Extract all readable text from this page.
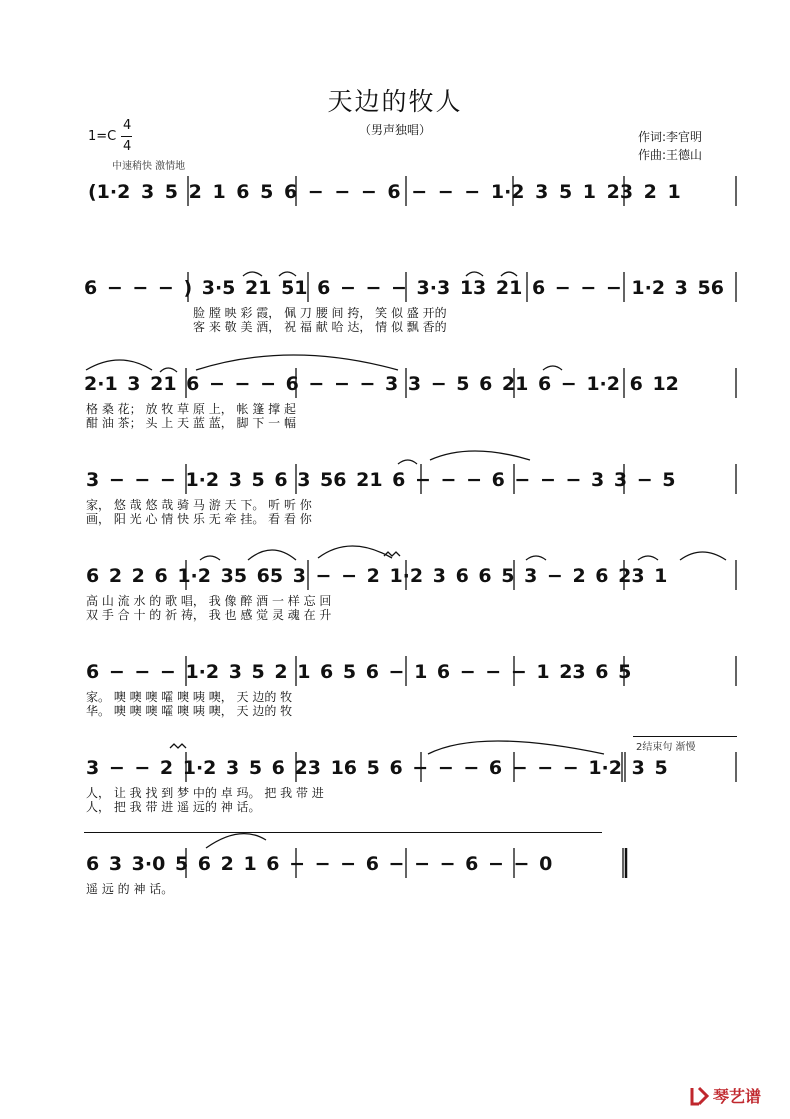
天边的牧人
（男声独唱）
1=C
4
4
中速稍快 激情地
作词:李官明
作曲:王德山
(1·2 3 5 2 1 6 5 6 − − − 6 − − − 1·2 3 5 1 23 2 1
6 − − − ) 3·5 21 51 6 − − − 3·3 13 21 6 − − − 1·2 3 56
脸 膛 映 彩 霞， 佩 刀 腰 间 挎， 笑 似 盛 开的
客 来 敬 美 酒， 祝 福 献 哈 达， 情 似 飘 香的
2·1 3 21 6 − − − 6 − − − 3 3 − 5 6 21 6 − 1·2 6 12
格 桑 花； 放 牧 草 原 上， 帐 篷 撑 起
酣 油 茶； 头 上 天 蓝 蓝， 脚 下 一 幅
3 − − − 1·2 3 5 6 3 56 21 6 − − − 6 − − − 3 3 − 5
家， 悠 哉 悠 哉 骑 马 游 天 下。 听 听 你
画， 阳 光 心 情 快 乐 无 牵 挂。 看 看 你
6 2 2 6 1·2 35 65 3 − − 2 1·2 3 6 6 5 3 − 2 6 23 1
高 山 流 水 的 歌 唱， 我 像 醉 酒 一 样 忘 回
双 手 合 十 的 祈 祷， 我 也 感 觉 灵 魂 在 升
6 − − − 1·2 3 5 2 1 6 5 6 − 1 6 − − − 1 23 6 5
家。 噢 噢 噢 嚯 噢 咦 噢， 天 边的 牧
华。 噢 噢 噢 嚯 噢 咦 噢， 天 边的 牧
2结束句 渐慢
3 − − 2 1·2 3 5 6 23 16 5 6 − − − 6 − − − 1·2 3 5
人， 让 我 找 到 梦 中的 卓 玛。 把 我 带 进
人， 把 我 带 进 遥 远的 神 话。
6 3 3·0 5 6 2 1 6 − − − 6 − − − 6 − − 0
遥 远 的 神 话。
琴艺谱
